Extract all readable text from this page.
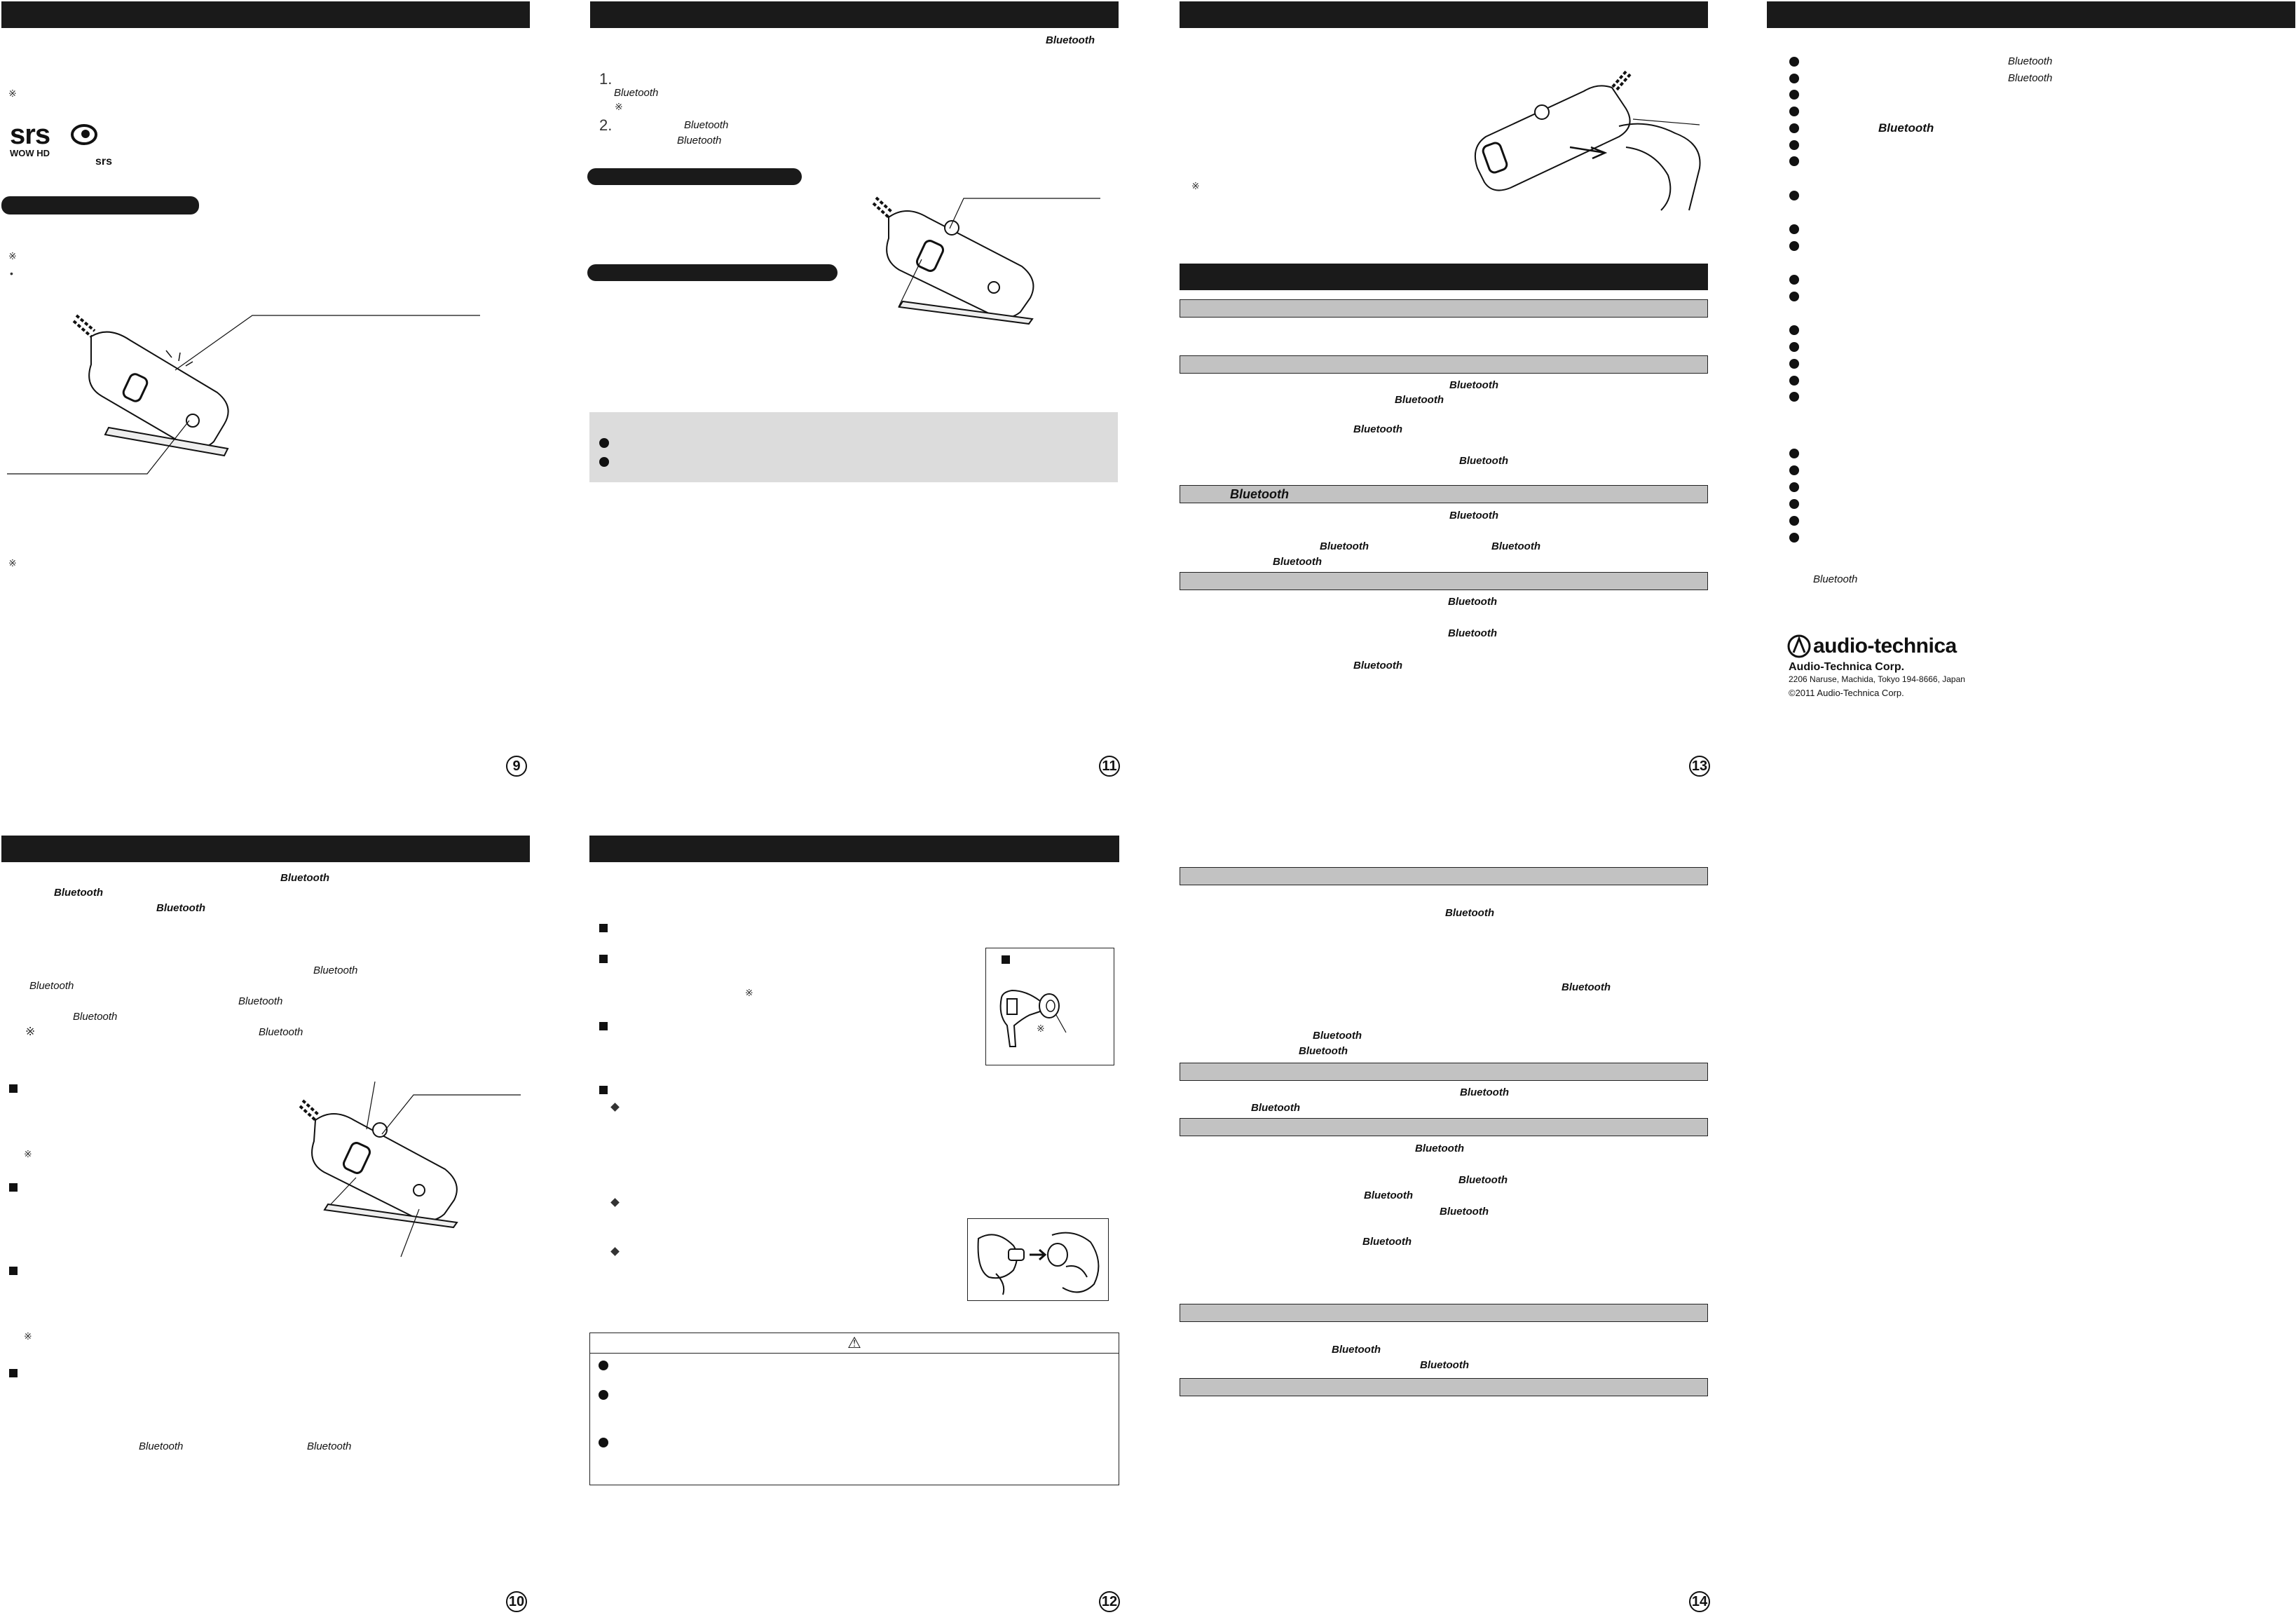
※
srs
WOW HD
srs
※
•
※
9
Bluetooth
1.
Bluetooth
※
2.	Bluetooth
Bluetooth
11
※
Bluetooth
Bluetooth
Bluetooth
Bluetooth
Bluetooth
Bluetooth
Bluetooth	Bluetooth
Bluetooth
Bluetooth
Bluetooth
Bluetooth
13
Bluetooth
Bluetooth
Bluetooth
Bluetooth
audio-technica
Audio-Technica Corp.
2206 Naruse, Machida, Tokyo 194-8666, Japan
©2011 Audio-Technica Corp.
Bluetooth
Bluetooth
Bluetooth
Bluetooth
Bluetooth
Bluetooth
Bluetooth
※	Bluetooth
※
※
Bluetooth	Bluetooth
10
※
※
⚠
12
Bluetooth
Bluetooth
Bluetooth
Bluetooth
Bluetooth
Bluetooth
Bluetooth
Bluetooth
Bluetooth
Bluetooth
Bluetooth
Bluetooth
Bluetooth
14
